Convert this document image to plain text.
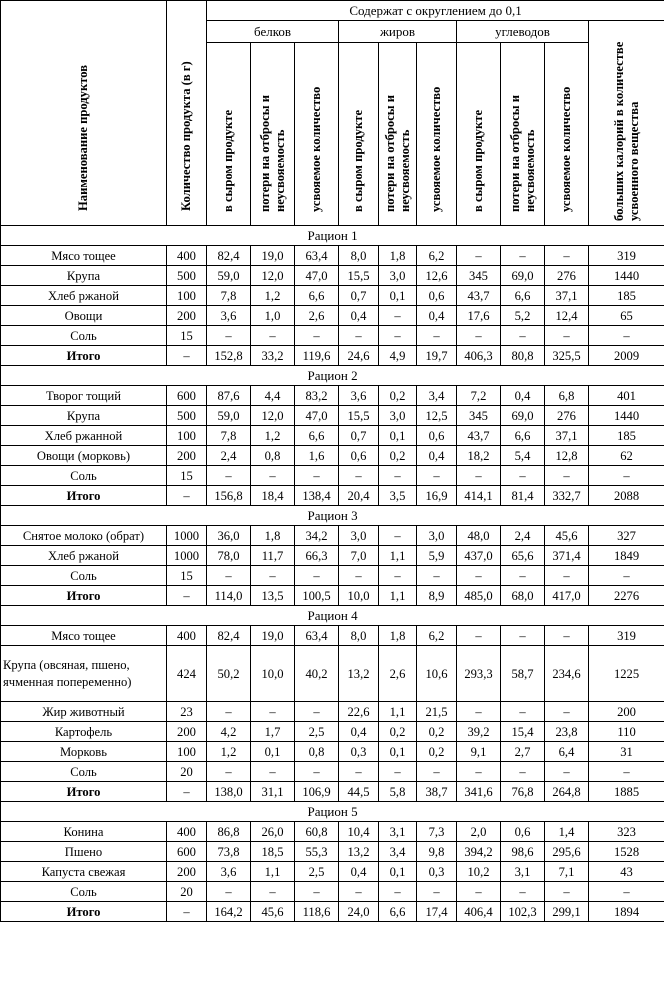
Наименование продуктов	Количество продукта (в г)	Содержат с округлением до 0,1									
		белков			жиров			углеводов			больших калорий в количестве усвоенного вещества
		в сыром продукте	потери на отбросы и неусвояемость	усвояемое количество	в сыром продукте	потери на отбросы и неусвояемость	усвояемое количество	в сыром продукте	потери на отбросы и неусвояемость	усвояемое количество	
Рацион 1											
Мясо тощее	400	82,4	19,0	63,4	8,0	1,8	6,2	–	–	–	319
Крупа	500	59,0	12,0	47,0	15,5	3,0	12,6	345	69,0	276	1440
Хлеб ржаной	100	7,8	1,2	6,6	0,7	0,1	0,6	43,7	6,6	37,1	185
Овощи	200	3,6	1,0	2,6	0,4	–	0,4	17,6	5,2	12,4	65
Соль	15	–	–	–	–	–	–	–	–	–	–
Итого	–	152,8	33,2	119,6	24,6	4,9	19,7	406,3	80,8	325,5	2009
Рацион 2											
Творог тощий	600	87,6	4,4	83,2	3,6	0,2	3,4	7,2	0,4	6,8	401
Крупа	500	59,0	12,0	47,0	15,5	3,0	12,5	345	69,0	276	1440
Хлеб ржанной	100	7,8	1,2	6,6	0,7	0,1	0,6	43,7	6,6	37,1	185
Овощи (морковь)	200	2,4	0,8	1,6	0,6	0,2	0,4	18,2	5,4	12,8	62
Соль	15	–	–	–	–	–	–	–	–	–	–
Итого	–	156,8	18,4	138,4	20,4	3,5	16,9	414,1	81,4	332,7	2088
Рацион 3											
Снятое молоко (обрат)	1000	36,0	1,8	34,2	3,0	–	3,0	48,0	2,4	45,6	327
Хлеб ржаной	1000	78,0	11,7	66,3	7,0	1,1	5,9	437,0	65,6	371,4	1849
Соль	15	–	–	–	–	–	–	–	–	–	–
Итого	–	114,0	13,5	100,5	10,0	1,1	8,9	485,0	68,0	417,0	2276
Рацион 4											
Мясо тощее	400	82,4	19,0	63,4	8,0	1,8	6,2	–	–	–	319
Крупа (овсяная, пшено, ячменная попеременно)	424	50,2	10,0	40,2	13,2	2,6	10,6	293,3	58,7	234,6	1225
Жир животный	23	–	–	–	22,6	1,1	21,5	–	–	–	200
Картофель	200	4,2	1,7	2,5	0,4	0,2	0,2	39,2	15,4	23,8	110
Морковь	100	1,2	0,1	0,8	0,3	0,1	0,2	9,1	2,7	6,4	31
Соль	20	–	–	–	–	–	–	–	–	–	–
Итого	–	138,0	31,1	106,9	44,5	5,8	38,7	341,6	76,8	264,8	1885
Рацион 5											
Конина	400	86,8	26,0	60,8	10,4	3,1	7,3	2,0	0,6	1,4	323
Пшено	600	73,8	18,5	55,3	13,2	3,4	9,8	394,2	98,6	295,6	1528
Капуста свежая	200	3,6	1,1	2,5	0,4	0,1	0,3	10,2	3,1	7,1	43
Соль	20	–	–	–	–	–	–	–	–	–	–
Итого	–	164,2	45,6	118,6	24,0	6,6	17,4	406,4	102,3	299,1	1894
